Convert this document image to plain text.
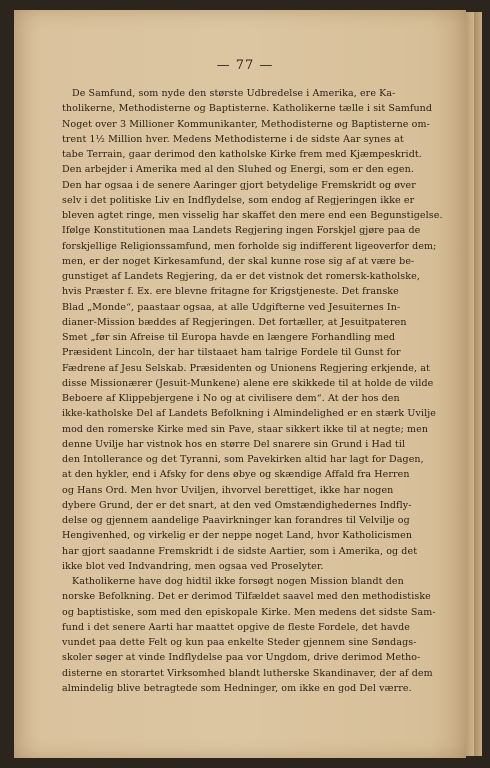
— 77 —
De Samfund, som nyde den største Udbredelse i Amerika, ere Ka-
tholikerne, Methodisterne og Baptisterne. Katholikerne tælle i sit Samfund
Noget over 3 Millioner Kommunikanter, Methodisterne og Baptisterne om-
trent 1½ Million hver. Medens Methodisterne i de sidste Aar synes at
tabe Terrain, gaar derimod den katholske Kirke frem med Kjæmpeskridt.
Den arbejder i Amerika med al den Sluhed og Energi, som er den egen.
Den har ogsaa i de senere Aaringer gjort betydelige Fremskridt og øver
selv i det politiske Liv en Indflydelse, som endog af Regjeringen ikke er
bleven agtet ringe, men visselig har skaffet den mere end een Begunstigelse.
Ifølge Konstitutionen maa Landets Regjering ingen Forskjel gjøre paa de
forskjellige Religionssamfund, men forholde sig indifferent ligeoverfor dem;
men, er der noget Kirkesamfund, der skal kunne rose sig af at være be-
gunstiget af Landets Regjering, da er det vistnok det romersk-katholske,
hvis Præster f. Ex. ere blevne fritagne for Krigstjeneste. Det franske
Blad „Monde“, paastaar ogsaa, at alle Udgifterne ved Jesuiternes In-
dianer-Mission bæddes af Regjeringen. Det fortæller, at Jesuitpateren
Smet „før sin Afreise til Europa havde en længere Forhandling med
Præsident Lincoln, der har tilstaaet ham talrige Fordele til Gunst for
Fædrene af Jesu Selskab. Præsidenten og Unionens Regjering erkjende, at
disse Missionærer (Jesuit-Munkene) alene ere skikkede til at holde de vilde
Beboere af Klippebjergene i No og at civilisere dem“. At der hos den
ikke-katholske Del af Landets Befolkning i Almindelighed er en stærk Uvilje
mod den romerske Kirke med sin Pave, staar sikkert ikke til at negte; men
denne Uvilje har vistnok hos en større Del snarere sin Grund i Had til
den Intollerance og det Tyranni, som Pavekirken altid har lagt for Dagen,
at den hykler, end i Afsky for dens øbye og skændige Affald fra Herren
og Hans Ord. Men hvor Uviljen, ihvorvel berettiget, ikke har nogen
dybere Grund, der er det snart, at den ved Omstændighedernes Indfly-
delse og gjennem aandelige Paavirkninger kan forandres til Velvilje og
Hengivenhed, og virkelig er der neppe noget Land, hvor Katholicismen
har gjort saadanne Fremskridt i de sidste Aartier, som i Amerika, og det
ikke blot ved Indvandring, men ogsaa ved Proselyter.
Katholikerne have dog hidtil ikke forsøgt nogen Mission blandt den
norske Befolkning. Det er derimod Tilfældet saavel med den methodistiske
og baptistiske, som med den episkopale Kirke. Men medens det sidste Sam-
fund i det senere Aarti har maattet opgive de fleste Fordele, det havde
vundet paa dette Felt og kun paa enkelte Steder gjennem sine Søndags-
skoler søger at vinde Indflydelse paa vor Ungdom, drive derimod Metho-
disterne en storartet Virksomhed blandt lutherske Skandinaver, der af dem
almindelig blive betragtede som Hedninger, om ikke en god Del værre.
